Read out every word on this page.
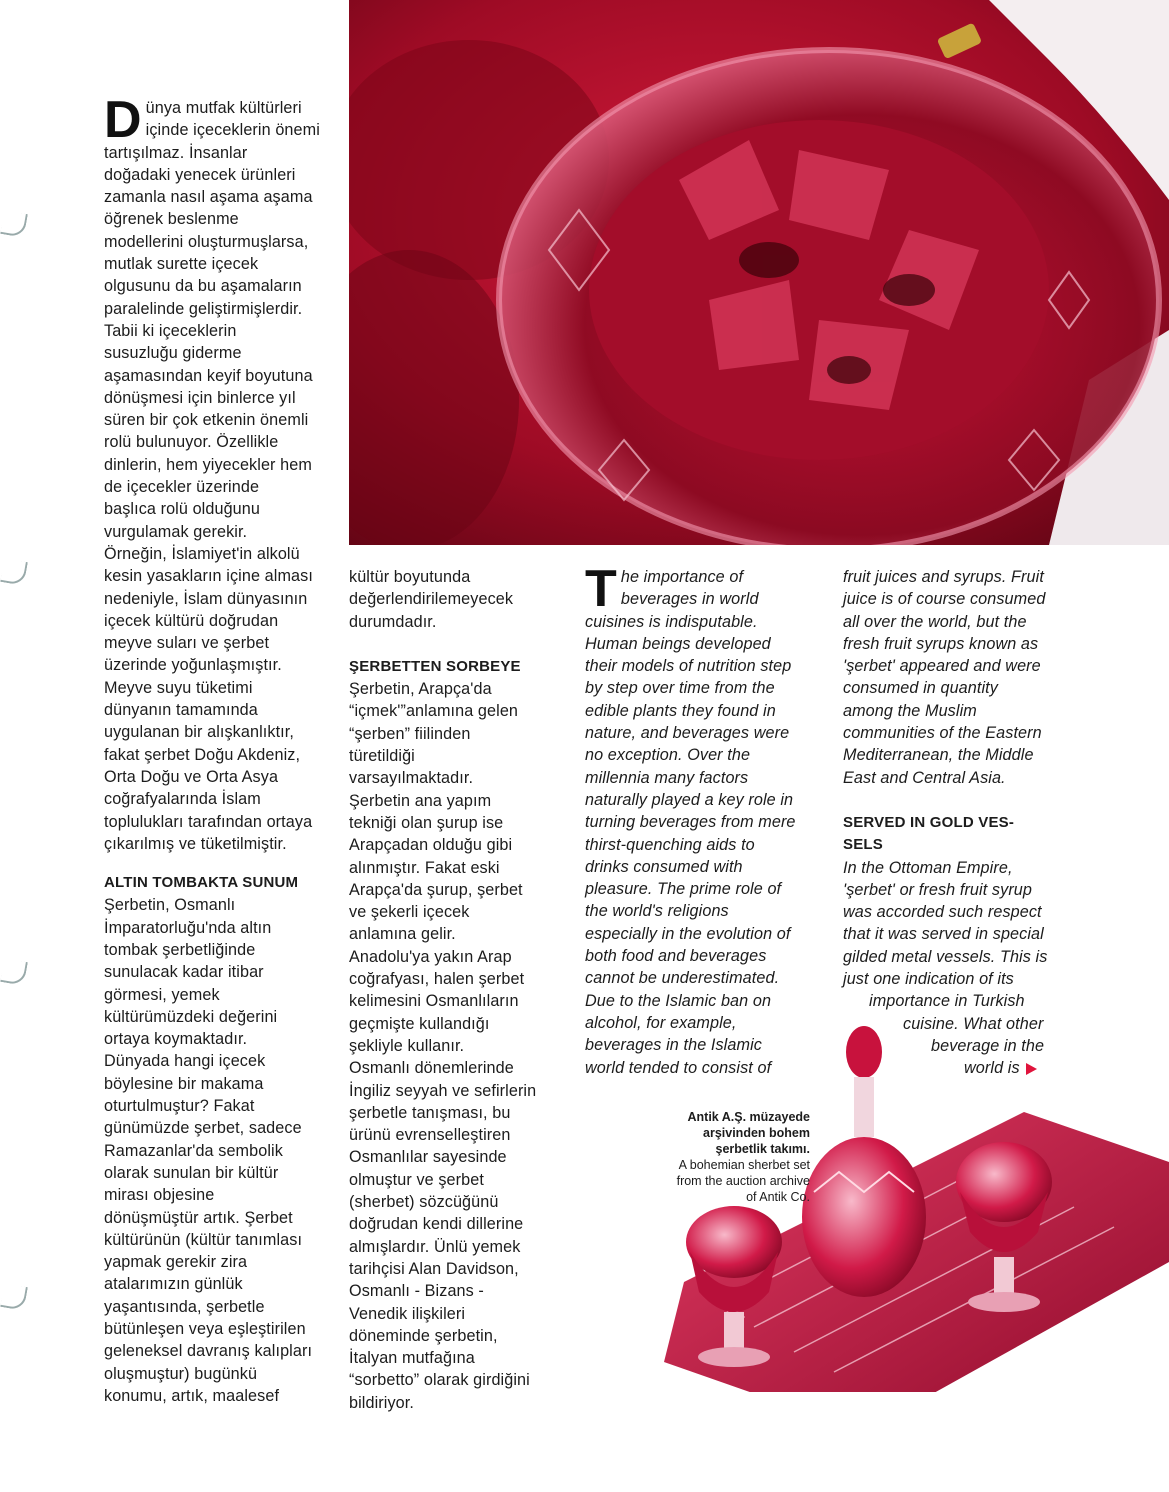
D ünya mutfak kültürleri
içinde içeceklerin önemi
tartışılmaz. İnsanlar
doğadaki yenecek ürünleri
zamanla nasıl aşama aşama
öğrenek beslenme
modellerini oluşturmuşlarsa,
mutlak surette içecek
olgusunu da bu aşamaların
paralelinde geliştirmişlerdir.
Tabii ki içeceklerin
susuzluğu giderme
aşamasından keyif boyutuna
dönüşmesi için binlerce yıl
süren bir çok etkenin önemli
rolü bulunuyor. Özellikle
dinlerin, hem yiyecekler hem
de içecekler üzerinde
başlıca rolü olduğunu
vurgulamak gerekir.
Örneğin, İslamiyet'in alkolü
kesin yasakların içine alması
nedeniyle, İslam dünyasının
içecek kültürü doğrudan
meyve suları ve şerbet
üzerinde yoğunlaşmıştır.
Meyve suyu tüketimi
dünyanın tamamında
uygulanan bir alışkanlıktır,
fakat şerbet Doğu Akdeniz,
Orta Doğu ve Orta Asya
coğrafyalarında İslam
toplulukları tarafından ortaya
çıkarılmış ve tüketilmiştir.
ALTIN TOMBAKTA SUNUM
Şerbetin, Osmanlı
İmparatorluğu'nda altın
tombak şerbetliğinde
sunulacak kadar itibar
görmesi, yemek
kültürümüzdeki değerini
ortaya koymaktadır.
Dünyada hangi içecek
böylesine bir makama
oturtulmuştur? Fakat
günümüzde şerbet, sadece
Ramazanlar'da sembolik
olarak sunulan bir kültür
mirası objesine
dönüşmüştür artık. Şerbet
kültürünün (kültür tanımlası
yapmak gerekir zira
atalarımızın günlük
yaşantısında, şerbetle
bütünleşen veya eşleştirilen
geleneksel davranış kalıpları
oluşmuştur) bugünkü
konumu, artık, maalesef
kültür boyutunda
değerlendirilemeyecek
durumdadır.
ŞERBETTEN SORBEYE
Şerbetin, Arapça'da
“içmek'”anlamına gelen
“şerben” fiilinden
türetildiği
varsayılmaktadır.
Şerbetin ana yapım
tekniği olan şurup ise
Arapçadan olduğu gibi
alınmıştır. Fakat eski
Arapça'da şurup, şerbet
ve şekerli içecek
anlamına gelir.
Anadolu'ya yakın Arap
coğrafyası, halen şerbet
kelimesini Osmanlıların
geçmişte kullandığı
şekliyle kullanır.
Osmanlı dönemlerinde
İngiliz seyyah ve sefirlerin
şerbetle tanışması, bu
ürünü evrenselleştiren
Osmanlılar sayesinde
olmuştur ve şerbet
(sherbet) sözcüğünü
doğrudan kendi dillerine
almışlardır. Ünlü yemek
tarihçisi Alan Davidson,
Osmanlı - Bizans -
Venedik ilişkileri
döneminde şerbetin,
İtalyan mutfağına
“sorbetto” olarak girdiğini
bildiriyor.
T he importance of
beverages in world
cuisines is indisputable.
Human beings developed
their models of nutrition step
by step over time from the
edible plants they found in
nature, and beverages were
no exception. Over the
millennia many factors
naturally played a key role in
turning beverages from mere
thirst-quenching aids to
drinks consumed with
pleasure. The prime role of
the world's religions
especially in the evolution of
both food and beverages
cannot be underestimated.
Due to the Islamic ban on
alcohol, for example,
beverages in the Islamic
world tended to consist of
fruit juices and syrups. Fruit
juice is of course consumed
all over the world, but the
fresh fruit syrups known as
'şerbet' appeared and were
consumed in quantity
among the Muslim
communities of the Eastern
Mediterranean, the Middle
East and Central Asia.
SERVED IN GOLD VES-
SELS
In the Ottoman Empire,
'şerbet' or fresh fruit syrup
was accorded such respect
that it was served in special
gilded metal vessels. This is
just one indication of its
importance in Turkish
cuisine. What other
beverage in the
world is
Antik A.Ş. müzayede
arşivinden bohem
şerbetlik takımı.
A bohemian sherbet set
from the auction archive
of Antik Co.
